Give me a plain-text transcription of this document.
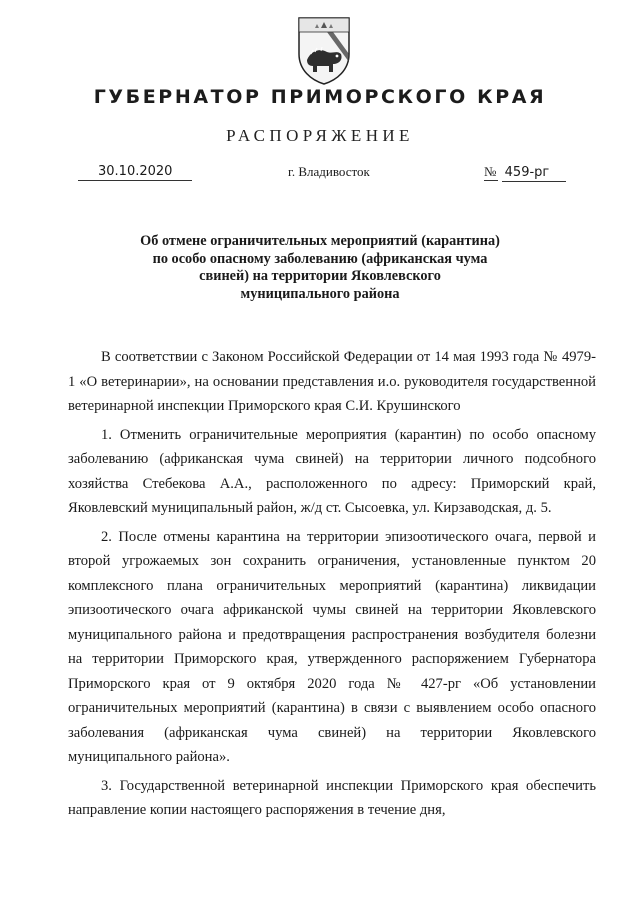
ГУБЕРНАТОР ПРИМОРСКОГО КРАЯ
РАСПОРЯЖЕНИЕ
30.10.2020	г. Владивосток	№ 459-рг
Об отмене ограничительных мероприятий (карантина)
по особо опасному заболеванию (африканская чума
свиней) на территории Яковлевского
муниципального района

В соответствии с Законом Российской Федерации от 14 мая 1993 года № 4979-1 «О ветеринарии», на основании представления и.о. руководителя государственной ветеринарной инспекции Приморского края С.И. Крушинского

1. Отменить ограничительные мероприятия (карантин) по особо опасному заболеванию (африканская чума свиней) на территории личного подсобного хозяйства Стебекова А.А., расположенного по адресу: Приморский край, Яковлевский муниципальный район, ж/д ст. Сысоевка, ул. Кирзаводская, д. 5.

2. После отмены карантина на территории эпизоотического очага, первой и второй угрожаемых зон сохранить ограничения, установленные пунктом 20 комплексного плана ограничительных мероприятий (карантина) ликвидации эпизоотического очага африканской чумы свиней на территории Яковлевского муниципального района и предотвращения распространения возбудителя болезни на территории Приморского края, утвержденного распоряжением Губернатора Приморского края от 9 октября 2020 года № 427-рг «Об установлении ограничительных мероприятий (карантина) в связи с выявлением особо опасного заболевания (африканская чума свиней) на территории Яковлевского муниципального района».

3. Государственной ветеринарной инспекции Приморского края обеспечить направление копии настоящего распоряжения в течение дня,
